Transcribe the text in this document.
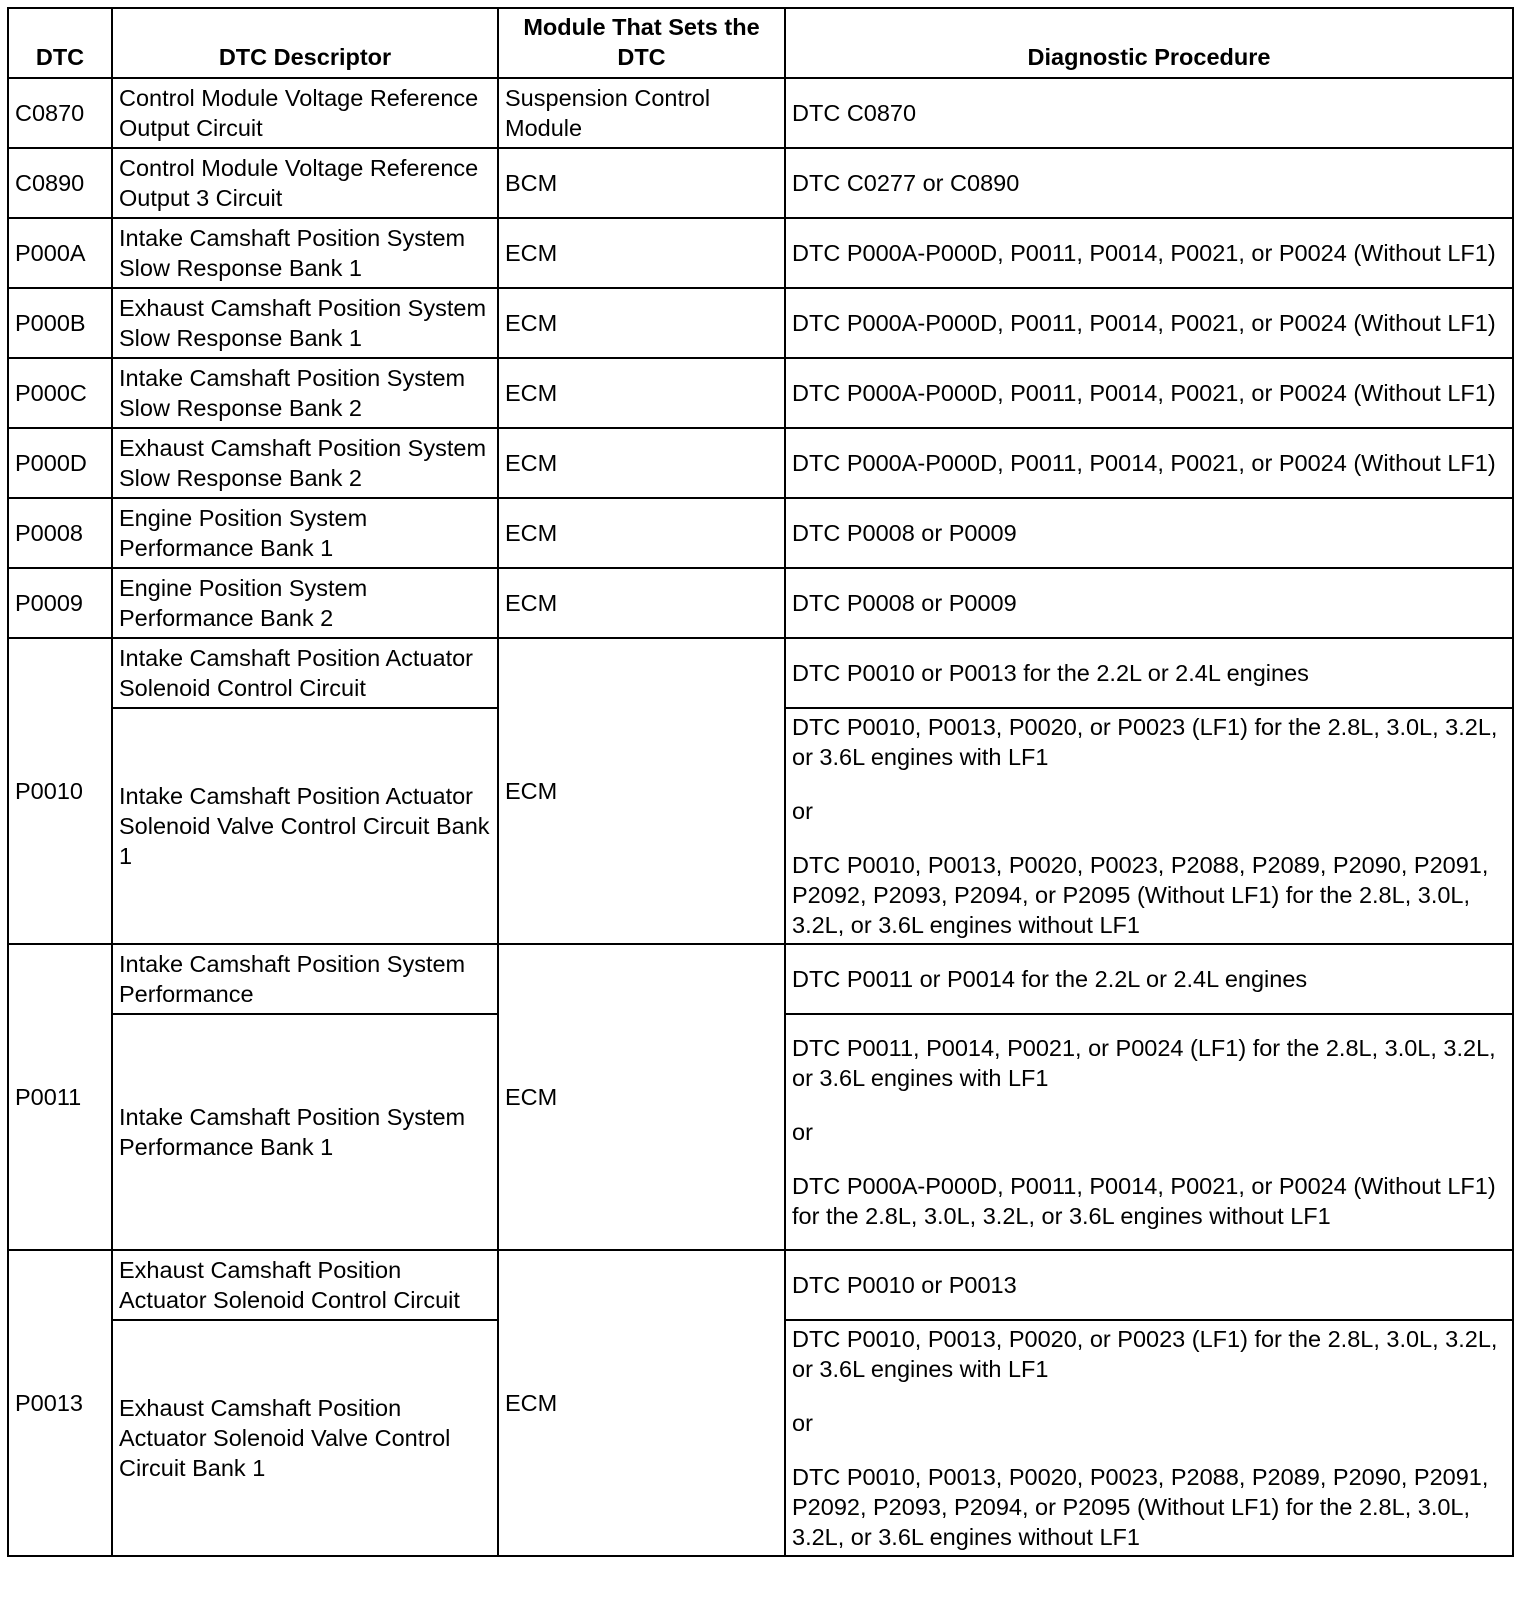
DTC	DTC Descriptor	Module That Sets the DTC	Diagnostic Procedure
C0870	Control Module Voltage Reference Output Circuit	Suspension Control Module	DTC C0870
C0890	Control Module Voltage Reference Output 3 Circuit	BCM	DTC C0277 or C0890
P000A	Intake Camshaft Position System Slow Response Bank 1	ECM	DTC P000A-P000D, P0011, P0014, P0021, or P0024 (Without LF1)
P000B	Exhaust Camshaft Position System Slow Response Bank 1	ECM	DTC P000A-P000D, P0011, P0014, P0021, or P0024 (Without LF1)
P000C	Intake Camshaft Position System Slow Response Bank 2	ECM	DTC P000A-P000D, P0011, P0014, P0021, or P0024 (Without LF1)
P000D	Exhaust Camshaft Position System Slow Response Bank 2	ECM	DTC P000A-P000D, P0011, P0014, P0021, or P0024 (Without LF1)
P0008	Engine Position System Performance Bank 1	ECM	DTC P0008 or P0009
P0009	Engine Position System Performance Bank 2	ECM	DTC P0008 or P0009
P0010	Intake Camshaft Position Actuator Solenoid Control Circuit	ECM	DTC P0010 or P0013 for the 2.2L or 2.4L engines
	Intake Camshaft Position Actuator Solenoid Valve Control Circuit Bank 1		DTC P0010, P0013, P0020, or P0023 (LF1) for the 2.8L, 3.0L, 3.2L, or 3.6L engines with LF1
or
DTC P0010, P0013, P0020, P0023, P2088, P2089, P2090, P2091, P2092, P2093, P2094, or P2095 (Without LF1) for the 2.8L, 3.0L, 3.2L, or 3.6L engines without LF1

P0011	Intake Camshaft Position System Performance	ECM	DTC P0011 or P0014 for the 2.2L or 2.4L engines
	Intake Camshaft Position System Performance Bank 1		DTC P0011, P0014, P0021, or P0024 (LF1) for the 2.8L, 3.0L, 3.2L, or 3.6L engines with LF1
or
DTC P000A-P000D, P0011, P0014, P0021, or P0024 (Without LF1) for the 2.8L, 3.0L, 3.2L, or 3.6L engines without LF1

P0013	Exhaust Camshaft Position Actuator Solenoid Control Circuit	ECM	DTC P0010 or P0013
	Exhaust Camshaft Position Actuator Solenoid Valve Control Circuit Bank 1		DTC P0010, P0013, P0020, or P0023 (LF1) for the 2.8L, 3.0L, 3.2L, or 3.6L engines with LF1
or
DTC P0010, P0013, P0020, P0023, P2088, P2089, P2090, P2091, P2092, P2093, P2094, or P2095 (Without LF1) for the 2.8L, 3.0L, 3.2L, or 3.6L engines without LF1
